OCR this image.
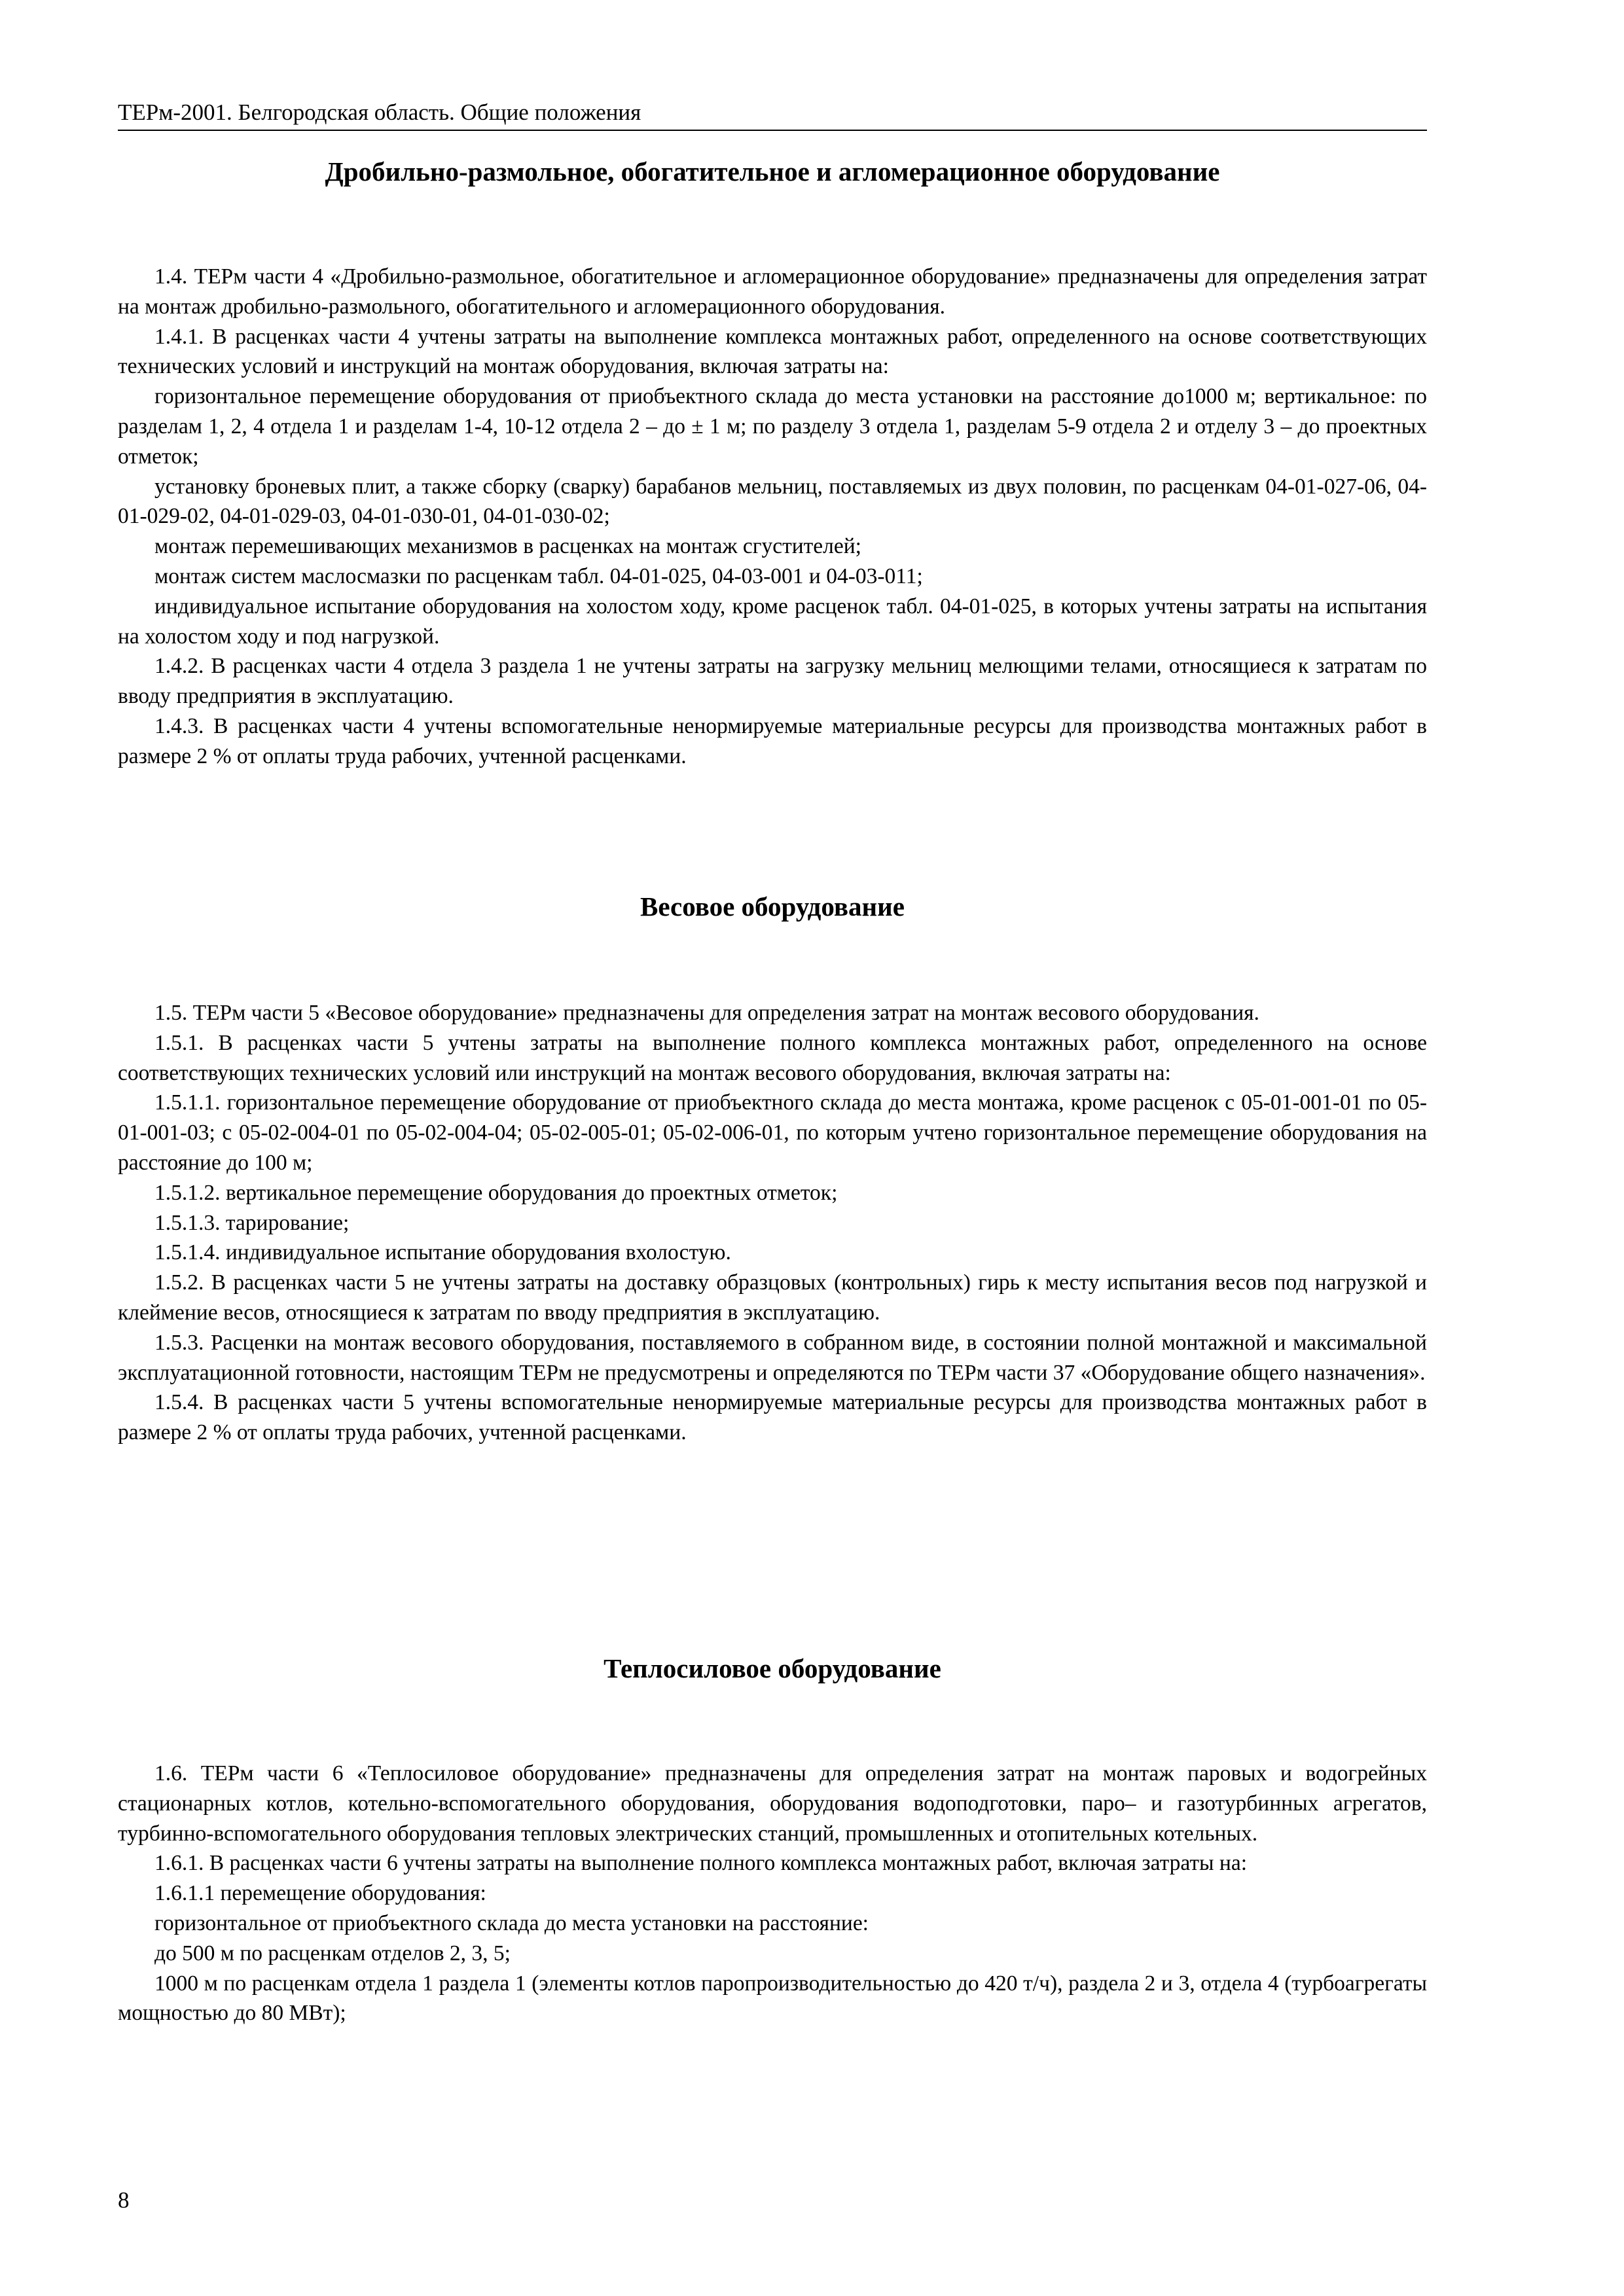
ТЕРм-2001. Белгородская область. Общие положения
Дробильно-размольное, обогатительное и агломерационное оборудование

1.4. ТЕРм части 4 «Дробильно-размольное, обогатительное и агломерационное оборудование» предназначены для определения затрат на монтаж дробильно-размольного, обогатительного и агломерационного оборудования.

1.4.1. В расценках части 4 учтены затраты на выполнение комплекса монтажных работ, определенного на основе соответствующих технических условий и инструкций на монтаж оборудования, включая затраты на:

горизонтальное перемещение оборудования от приобъектного склада до места установки на расстояние до1000 м; вертикальное: по разделам 1, 2, 4 отдела 1 и разделам 1-4, 10-12 отдела 2 – до ± 1 м; по разделу 3 отдела 1, разделам 5-9 отдела 2 и отделу 3 – до проектных отметок;

установку броневых плит, а также сборку (сварку) барабанов мельниц, поставляемых из двух половин, по расценкам 04-01-027-06, 04-01-029-02, 04-01-029-03, 04-01-030-01, 04-01-030-02;

монтаж перемешивающих механизмов в расценках на монтаж сгустителей;

монтаж систем маслосмазки по расценкам табл. 04-01-025, 04-03-001 и 04-03-011;

индивидуальное испытание оборудования на холостом ходу, кроме расценок табл. 04-01-025, в которых учтены затраты на испытания на холостом ходу и под нагрузкой.

1.4.2. В расценках части 4 отдела 3 раздела 1 не учтены затраты на загрузку мельниц мелющими телами, относящиеся к затратам по вводу предприятия в эксплуатацию.

1.4.3. В расценках части 4 учтены вспомогательные ненормируемые материальные ресурсы для производства монтажных работ в размере 2 % от оплаты труда рабочих, учтенной расценками.

Весовое оборудование

1.5. ТЕРм части 5 «Весовое оборудование» предназначены для определения затрат на монтаж весового оборудования.

1.5.1. В расценках части 5 учтены затраты на выполнение полного комплекса монтажных работ, определенного на основе соответствующих технических условий или инструкций на монтаж весового оборудования, включая затраты на:

1.5.1.1. горизонтальное перемещение оборудование от приобъектного склада до места монтажа, кроме расценок с 05-01-001-01 по 05-01-001-03; с 05-02-004-01 по 05-02-004-04; 05-02-005-01; 05-02-006-01, по которым учтено горизонтальное перемещение оборудования на расстояние до 100 м;

1.5.1.2. вертикальное перемещение оборудования до проектных отметок;

1.5.1.3. тарирование;

1.5.1.4. индивидуальное испытание оборудования вхолостую.

1.5.2. В расценках части 5 не учтены затраты на доставку образцовых (контрольных) гирь к месту испытания весов под нагрузкой и клеймение весов, относящиеся к затратам по вводу предприятия в эксплуатацию.

1.5.3. Расценки на монтаж весового оборудования, поставляемого в собранном виде, в состоянии полной монтажной и максимальной эксплуатационной готовности, настоящим ТЕРм не предусмотрены и определяются по ТЕРм части 37 «Оборудование общего назначения».

1.5.4. В расценках части 5 учтены вспомогательные ненормируемые материальные ресурсы для производства монтажных работ в размере 2 % от оплаты труда рабочих, учтенной расценками.

Теплосиловое оборудование

1.6. ТЕРм части 6 «Теплосиловое оборудование» предназначены для определения затрат на монтаж паровых и водогрейных стационарных котлов, котельно-вспомогательного оборудования, оборудования водоподготовки, паро– и газотурбинных агрегатов, турбинно-вспомогательного оборудования тепловых электрических станций, промышленных и отопительных котельных.

1.6.1. В расценках части 6 учтены затраты на выполнение полного комплекса монтажных работ, включая затраты на:

1.6.1.1 перемещение оборудования:

горизонтальное от приобъектного склада до места установки на расстояние:

до 500 м по расценкам отделов 2, 3, 5;

1000 м по расценкам отдела 1 раздела 1 (элементы котлов паропроизводительностью до 420 т/ч), раздела 2 и 3, отдела 4 (турбоагрегаты мощностью до 80 МВт);

8
